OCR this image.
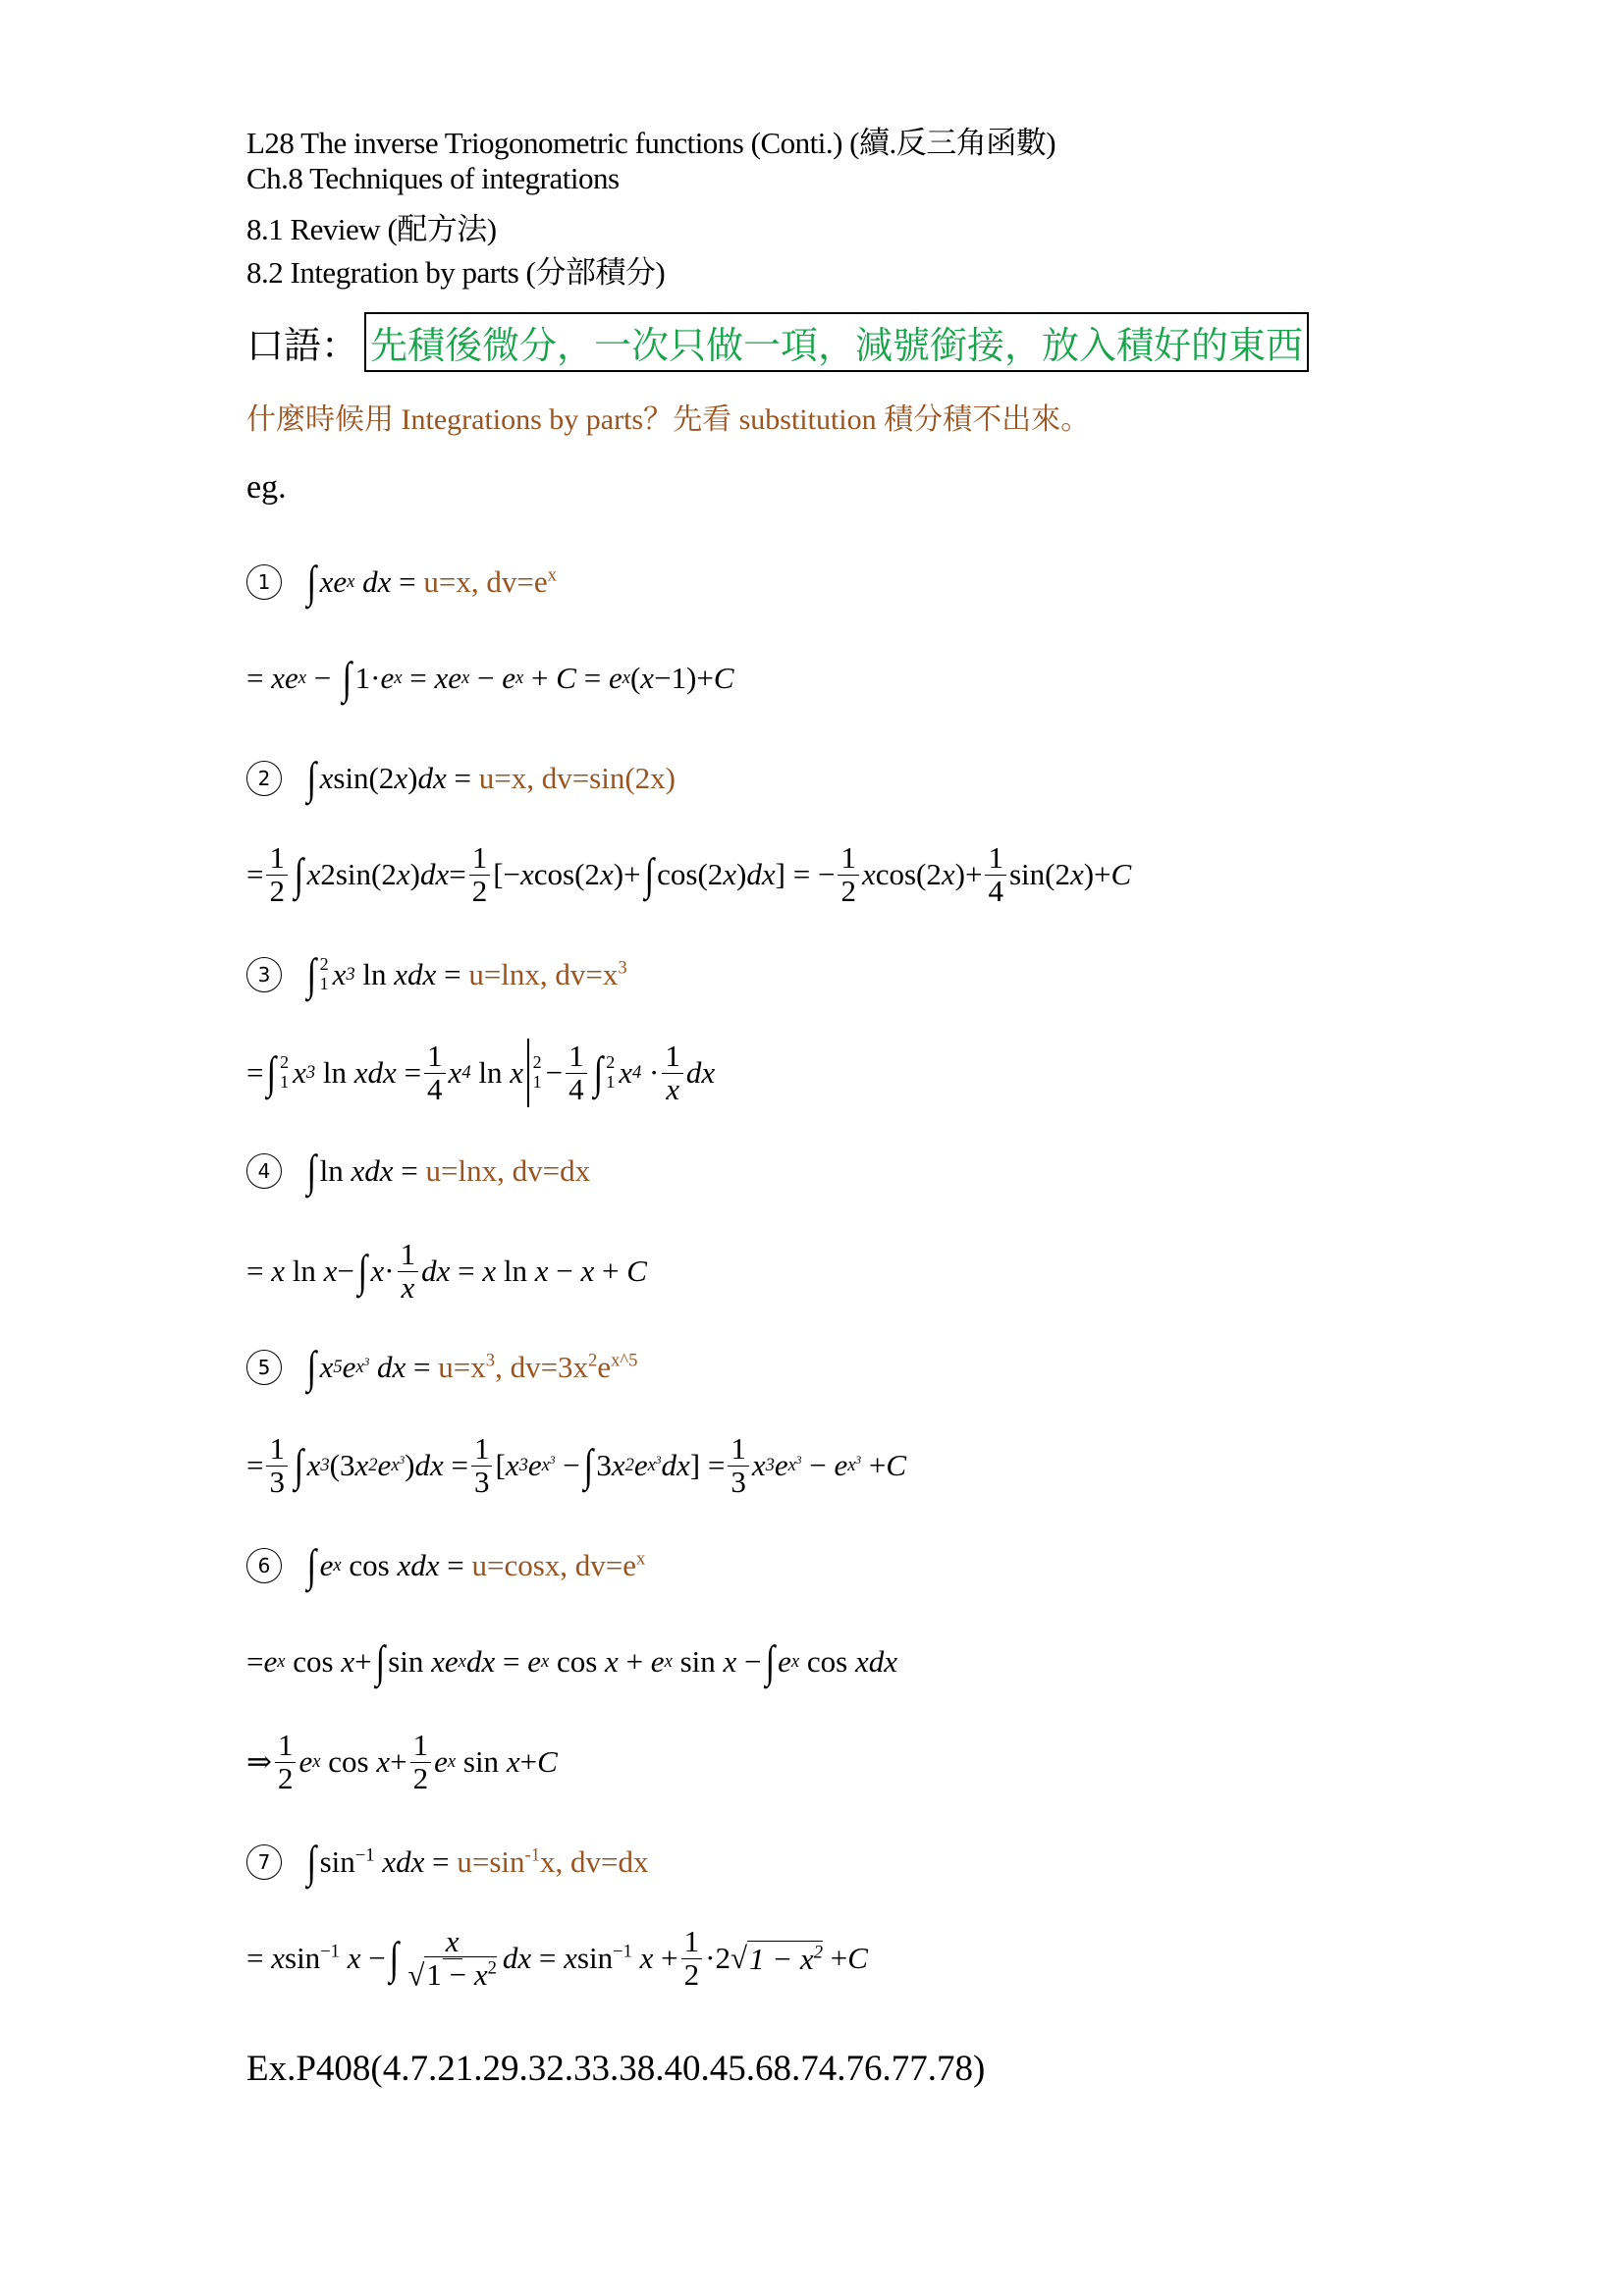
L28 The inverse Triogonometric functions (Conti.) (續.反三角函數)
Ch.8 Techniques of integrations
8.1 Review (配方法)
8.2 Integration by parts (分部積分)
口語： 先積後微分，一次只做一項，減號銜接，放入積好的東西
什麼時候用 Integrations by parts？先看 substitution 積分積不出來。
eg.
1 ∫ xe x dx = u=x, $dv=e^x$
= xe x − ∫ 1· e x = xe x − e x + C = e x ( x −1)+ C
2 ∫ x sin(2 x ) dx = u=x, dv=sin(2x)
= $\frac{1}{2}$ ∫ x 2sin(2 x ) dx = $\frac{1}{2}$ [− x cos(2 x )+ ∫ cos(2 x ) dx ] = − $\frac{1}{2}$ x cos(2 x )+ $\frac{1}{4} \sin(2$ x )+ C
3 ∫ 2
1 x 3 ln xdx = u=lnx, $dv=x^3$
= ∫ 2
1 x 3 ln xdx = $\frac{1}{4}$ x 4 ln x 2
$1 - \frac{1}{4}$ ∫ 2
1 x 4 · 1
x dx
4 ∫ ln xdx = u=lnx, dv=dx
= x ln x − ∫ $x \cdot \frac{1}{x}$ dx = x ln x − x + C
5 ∫ x 5 e $x^3$ dx = $u=x^3$, $dv=3x^2e^{x\^{}5}$
= $\frac{1}{3}$ ∫ x 3 (3 x 2 e $x^3$ ) dx = $\frac{1}{3}$ [ x 3 e $x^3$ − ∫ 3 x 2 e $x^3$ dx ] = $\frac{1}{3}$ x 3 e $x^3 - e$ $x^3 + C$
6 ∫ e x cos xdx = u=cosx, $dv=e^x$
= e x cos x + ∫ sin xe x dx = e x cos x + e x sin x − ∫ e x cos xdx
⇒ 1
2 e x $\cos x + \frac{1}{2}$ e x sin x + C
7 ∫ $\sin^{-1}$ xdx = $u=\sin^{-1}x$, dv=dx
= x $\sin^{-1} x$ − ∫ $\frac{x}{√1 - x^2}$ dx = x $\sin^{-1} x + \frac{1}{2} \cdot 2√$ $1 - x^2 + C$
Ex.P408(4.7.21.29.32.33.38.40.45.68.74.76.77.78)
